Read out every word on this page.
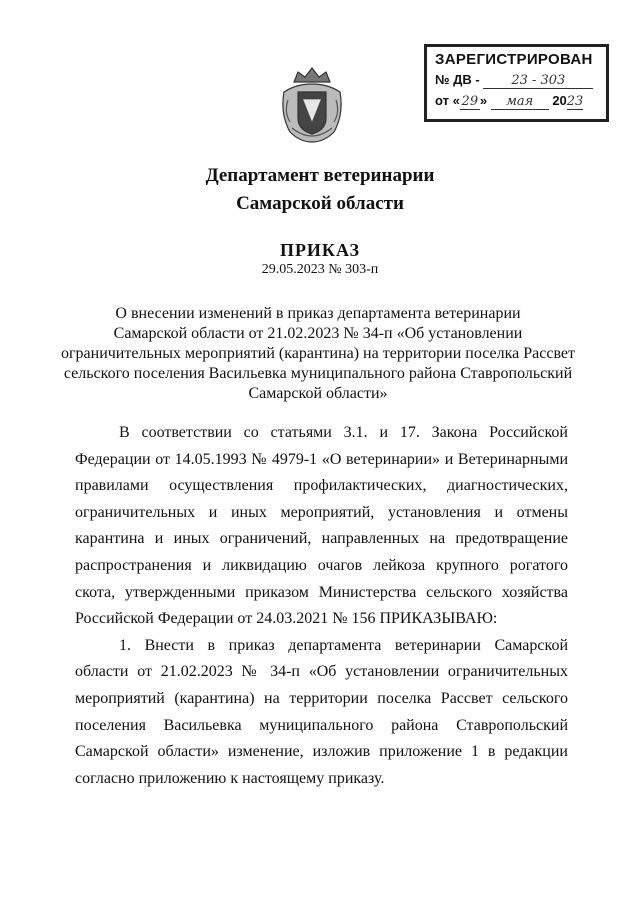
ЗАРЕГИСТРИРОВАН
№ ДВ - 23 - 303
от « 29 » мая 2023
Департамент ветеринарии
Самарской области
ПРИКАЗ
29.05.2023 № 303-п
О внесении изменений в приказ департамента ветеринарии
Самарской области от 21.02.2023 № 34-п «Об установлении
ограничительных мероприятий (карантина) на территории поселка Рассвет
сельского поселения Васильевка муниципального района Ставропольский
Самарской области»

В соответствии со статьями 3.1. и 17. Закона Российской Федерации от 14.05.1993 № 4979-1 «О ветеринарии» и Ветеринарными правилами осуществления профилактических, диагностических, ограничительных и иных мероприятий, установления и отмены карантина и иных ограничений, направленных на предотвращение распространения и ликвидацию очагов лейкоза крупного рогатого скота, утвержденными приказом Министерства сельского хозяйства Российской Федерации от 24.03.2021 № 156 ПРИКАЗЫВАЮ:

1. Внести в приказ департамента ветеринарии Самарской области от 21.02.2023 № 34-п «Об установлении ограничительных мероприятий (карантина) на территории поселка Рассвет сельского поселения Васильевка муниципального района Ставропольский Самарской области» изменение, изложив приложение 1 в редакции согласно приложению к настоящему приказу.
